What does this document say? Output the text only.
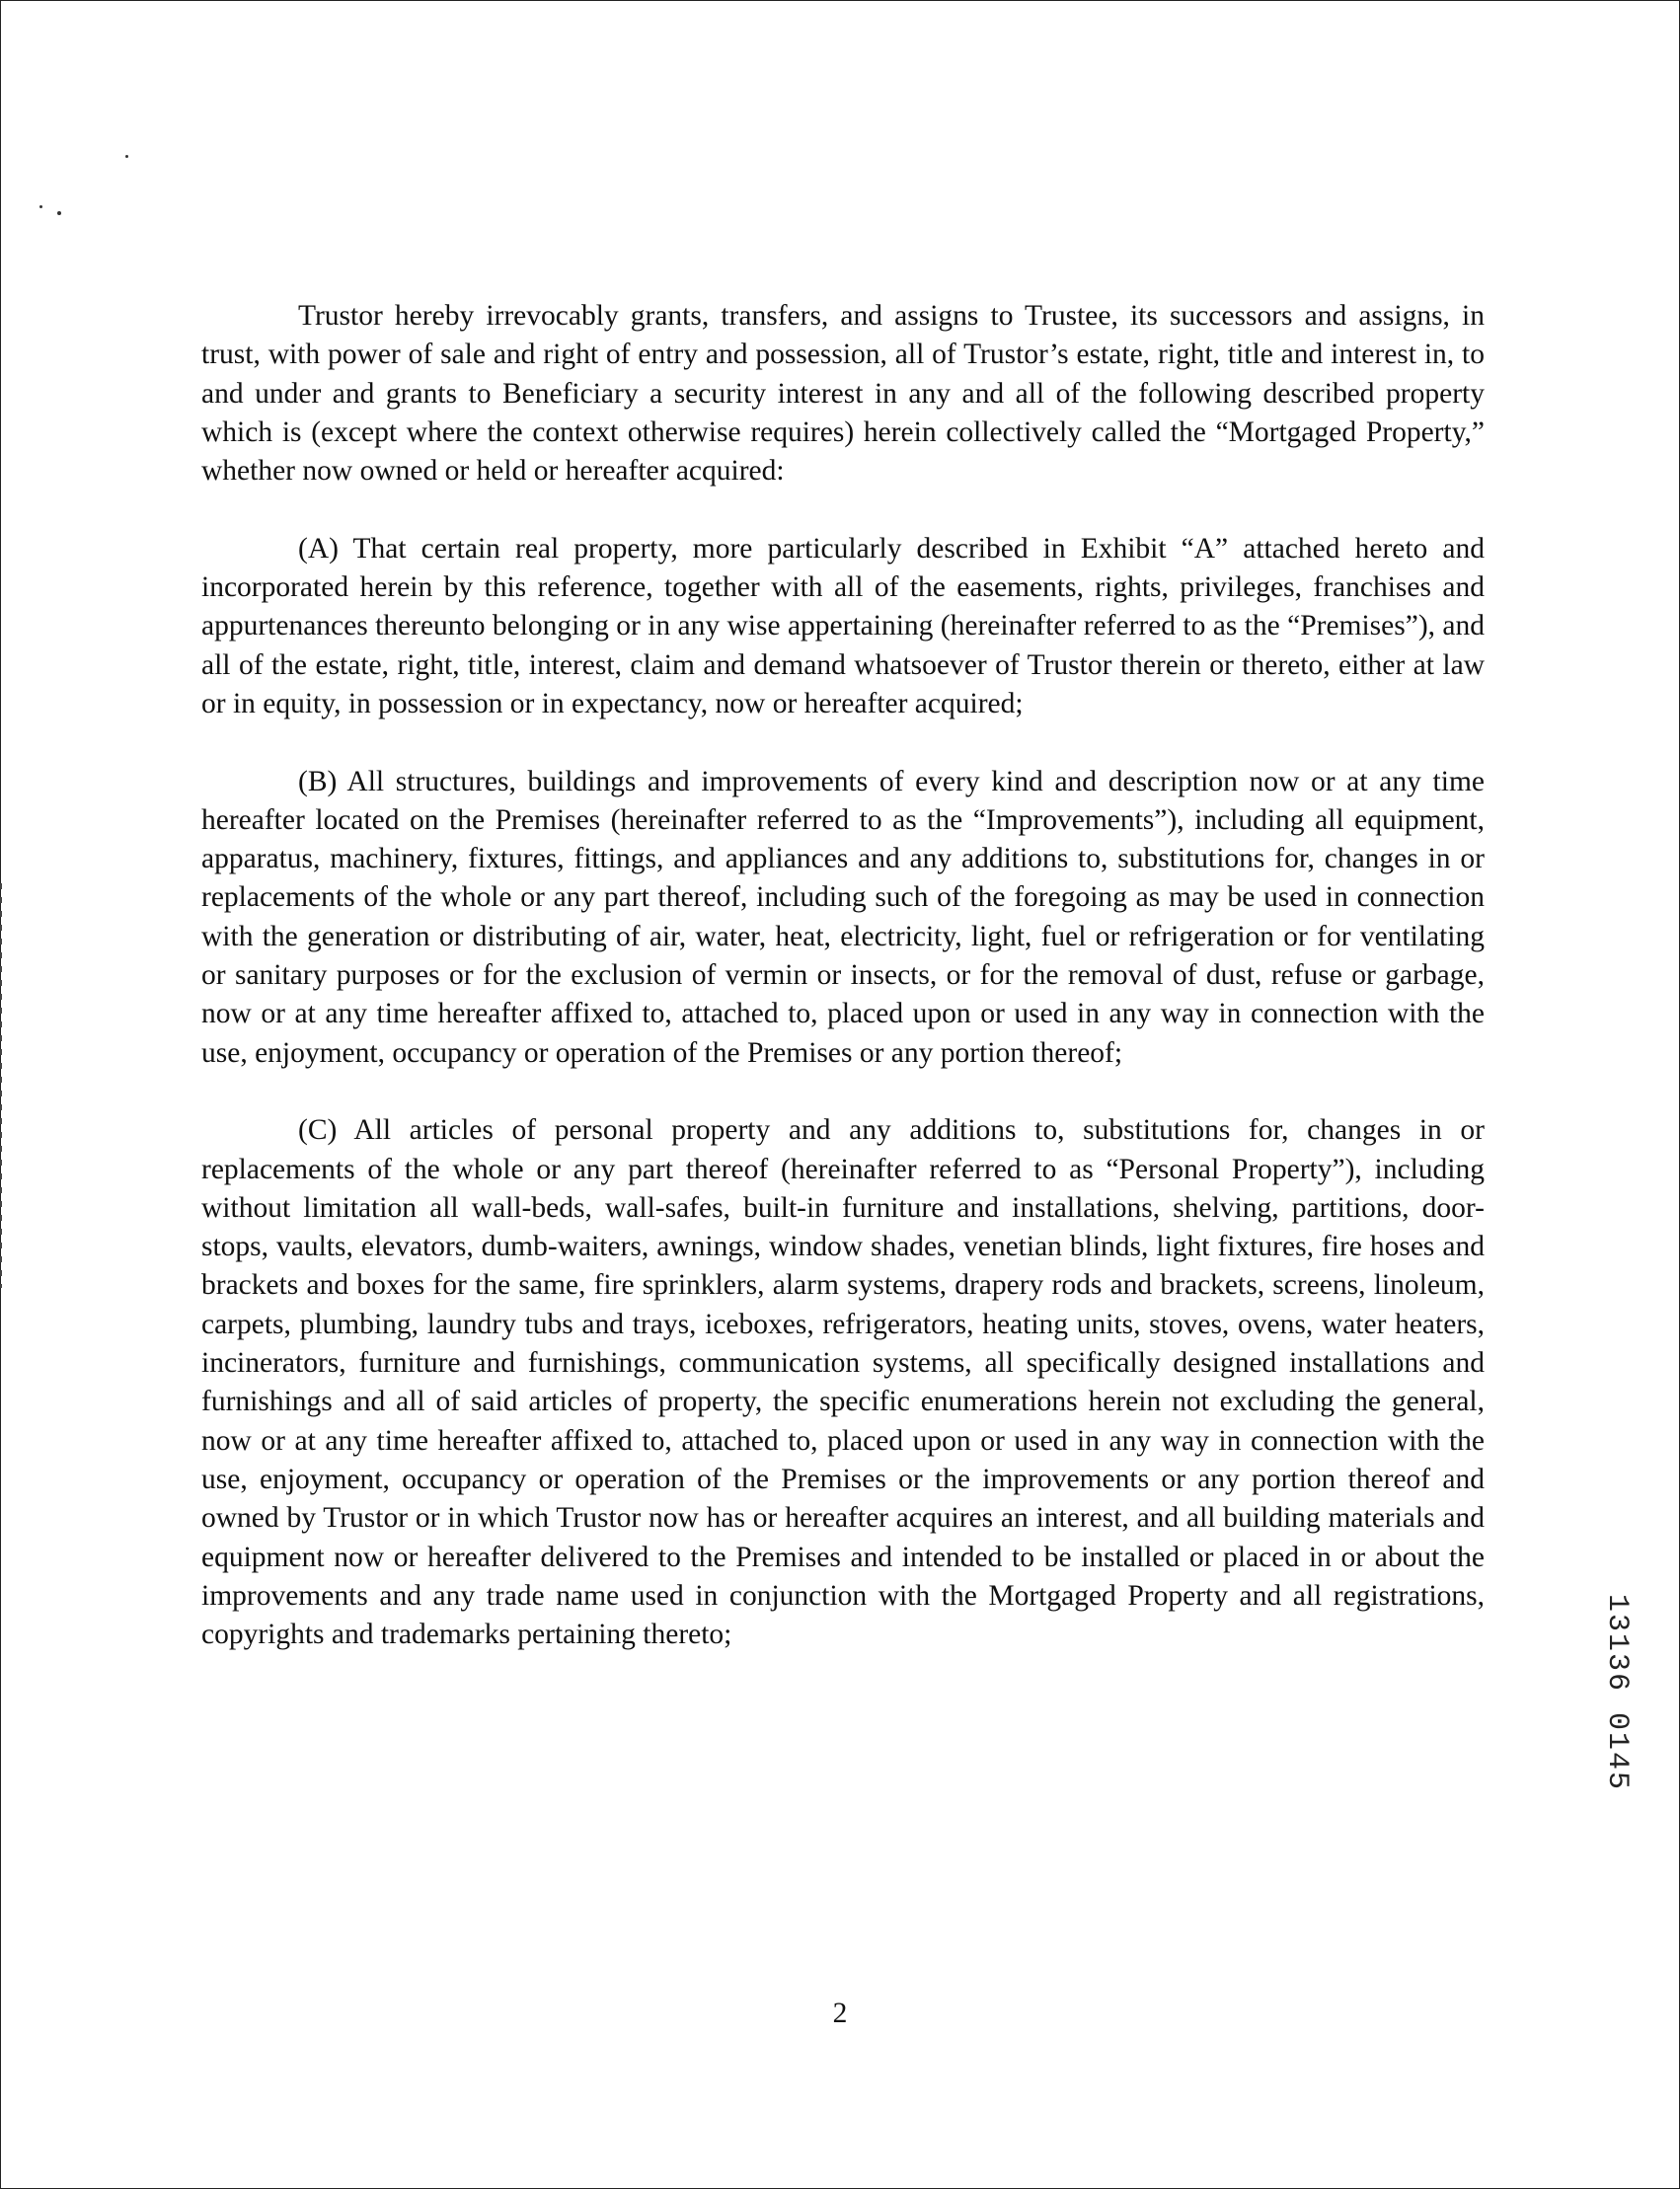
Trustor hereby irrevocably grants, transfers, and assigns to Trustee, its successors and assigns, in trust, with power of sale and right of entry and possession, all of Trustor’s estate, right, title and interest in, to and under and grants to Beneficiary a security interest in any and all of the following described property which is (except where the context otherwise requires) herein collectively called the “Mortgaged Property,” whether now owned or held or hereafter acquired:

(A) That certain real property, more particularly described in Exhibit “A” attached hereto and incorporated herein by this reference, together with all of the easements, rights, privileges, franchises and appurtenances thereunto belonging or in any wise appertaining (hereinafter referred to as the “Premises”), and all of the estate, right, title, interest, claim and demand whatsoever of Trustor therein or thereto, either at law or in equity, in possession or in expectancy, now or hereafter acquired;

(B) All structures, buildings and improvements of every kind and description now or at any time hereafter located on the Premises (hereinafter referred to as the “Improvements”), including all equipment, apparatus, machinery, fixtures, fittings, and appliances and any additions to, substitutions for, changes in or replacements of the whole or any part thereof, including such of the foregoing as may be used in connection with the generation or distributing of air, water, heat, electricity, light, fuel or refrigeration or for ventilating or sanitary purposes or for the exclusion of vermin or insects, or for the removal of dust, refuse or garbage, now or at any time hereafter affixed to, attached to, placed upon or used in any way in connection with the use, enjoyment, occupancy or operation of the Premises or any portion thereof;

(C) All articles of personal property and any additions to, substitutions for, changes in or replacements of the whole or any part thereof (hereinafter referred to as “Personal Property”), including without limitation all wall-beds, wall-safes, built-in furniture and installations, shelving, partitions, door-stops, vaults, elevators, dumb-waiters, awnings, window shades, venetian blinds, light fixtures, fire hoses and brackets and boxes for the same, fire sprinklers, alarm systems, drapery rods and brackets, screens, linoleum, carpets, plumbing, laundry tubs and trays, iceboxes, refrigerators, heating units, stoves, ovens, water heaters, incinerators, furniture and furnishings, communication systems, all specifically designed installations and furnishings and all of said articles of property, the specific enumerations herein not excluding the general, now or at any time hereafter affixed to, attached to, placed upon or used in any way in connection with the use, enjoyment, occupancy or operation of the Premises or the improvements or any portion thereof and owned by Trustor or in which Trustor now has or hereafter acquires an interest, and all building materials and equipment now or hereafter delivered to the Premises and intended to be installed or placed in or about the improvements and any trade name used in conjunction with the Mortgaged Property and all registrations, copyrights and trademarks pertaining thereto;	13136 0145
2
